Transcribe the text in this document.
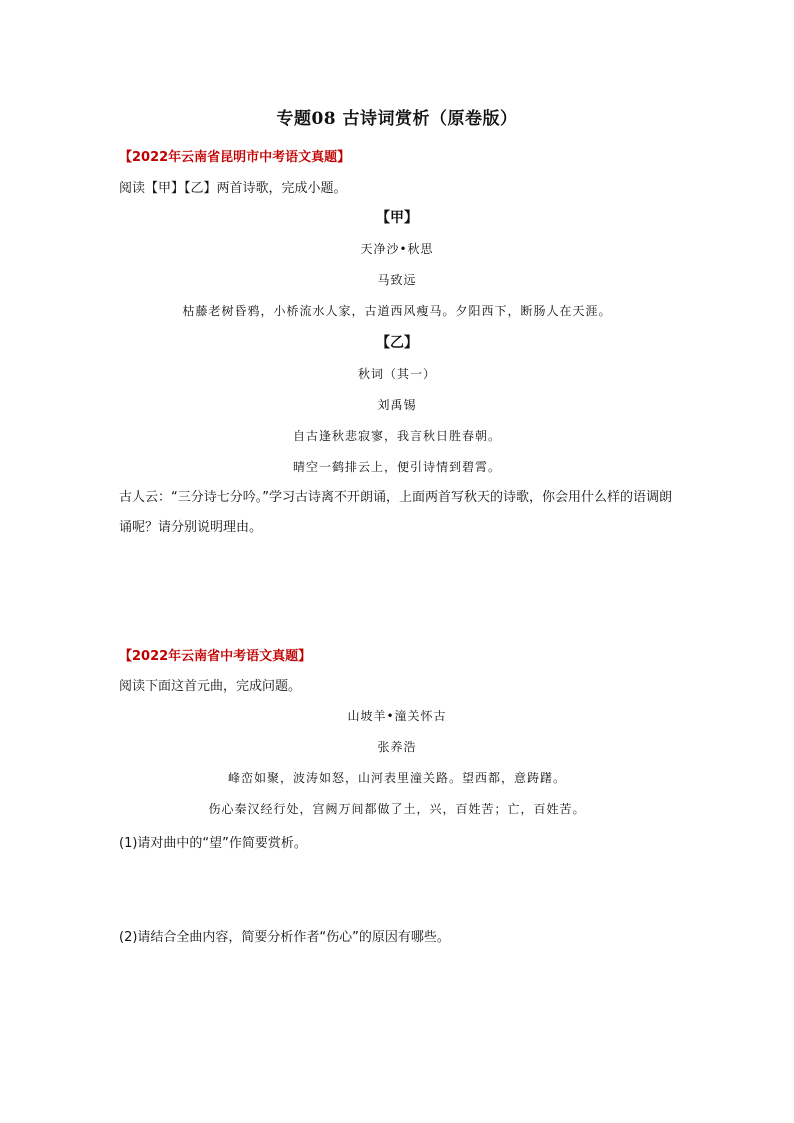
专题08 古诗词赏析（原卷版）
【2022年云南省昆明市中考语文真题】
阅读【甲】【乙】两首诗歌，完成小题。
【甲】
天净沙•秋思
马致远
枯藤老树昏鸦，小桥流水人家，古道西风瘦马。夕阳西下，断肠人在天涯。
【乙】
秋词（其一）
刘禹锡
自古逢秋悲寂寥，我言秋日胜春朝。
晴空一鹤排云上，便引诗情到碧霄。
古人云：“三分诗七分吟。”学习古诗离不开朗诵，上面两首写秋天的诗歌，你会用什么样的语调朗诵呢？请分别说明理由。
【2022年云南省中考语文真题】
阅读下面这首元曲，完成问题。
山坡羊•潼关怀古
张养浩
峰峦如聚，波涛如怒，山河表里潼关路。望西都，意踌躇。
伤心秦汉经行处，宫阙万间都做了土，兴，百姓苦；亡，百姓苦。
(1)请对曲中的“望”作简要赏析。
(2)请结合全曲内容，简要分析作者“伤心”的原因有哪些。
